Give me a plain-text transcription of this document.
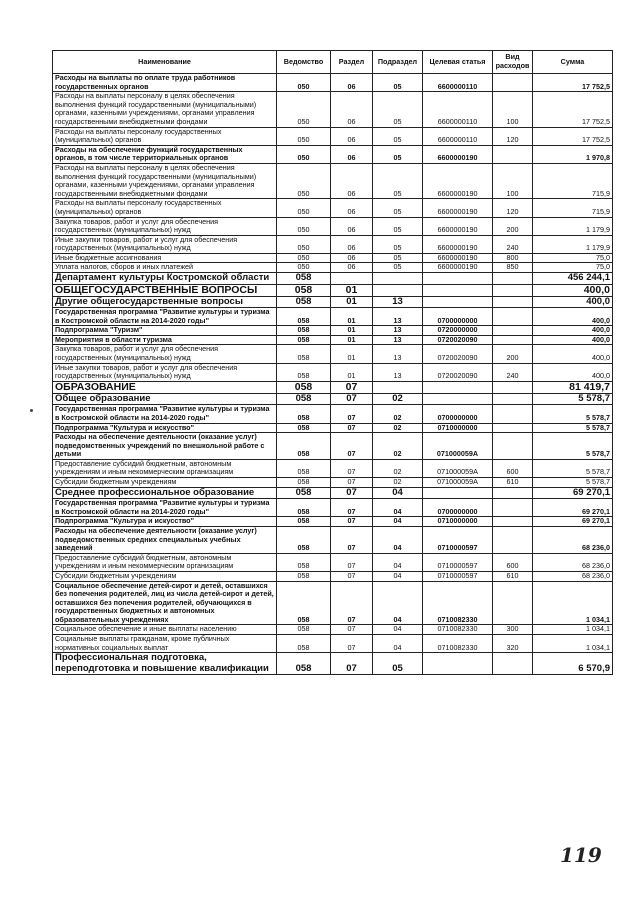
Наименование	Ведомство	Раздел	Подраздел	Целевая статья	Вид расходов	Сумма
Расходы на выплаты по оплате труда работников государственных органов	050	06	05	6600000110		17 752,5
Расходы на выплаты персоналу в целях обеспечения выполнения функций государственными (муниципальными) органами, казенными учреждениями, органами управления государственными внебюджетными фондами	050	06	05	6600000110	100	17 752,5
Расходы на выплаты персоналу государственных (муниципальных) органов	050	06	05	6600000110	120	17 752,5
Расходы на обеспечение функций государственных органов, в том числе территориальных органов	050	06	05	6600000190		1 970,8
Расходы на выплаты персоналу в целях обеспечения выполнения функций государственными (муниципальными) органами, казенными учреждениями, органами управления государственными внебюджетными фондами	050	06	05	6600000190	100	715,9
Расходы на выплаты персоналу государственных (муниципальных) органов	050	06	05	6600000190	120	715,9
Закупка товаров, работ и услуг для обеспечения государственных (муниципальных) нужд	050	06	05	6600000190	200	1 179,9
Иные закупки товаров, работ и услуг для обеспечения государственных (муниципальных) нужд	050	06	05	6600000190	240	1 179,9
Иные бюджетные ассигнования	050	06	05	6600000190	800	75,0
Уплата налогов, сборов и иных платежей	050	06	05	6600000190	850	75,0
Департамент культуры Костромской области	058					456 244,1
ОБЩЕГОСУДАРСТВЕННЫЕ ВОПРОСЫ	058	01				400,0
Другие общегосударственные вопросы	058	01	13			400,0
Государственная программа "Развитие культуры и туризма в Костромской области на 2014-2020 годы"	058	01	13	0700000000		400,0
Подпрограмма "Туризм"	058	01	13	0720000000		400,0
Мероприятия в области туризма	058	01	13	0720020090		400,0
Закупка товаров, работ и услуг для обеспечения государственных (муниципальных) нужд	058	01	13	0720020090	200	400,0
Иные закупки товаров, работ и услуг для обеспечения государственных (муниципальных) нужд	058	01	13	0720020090	240	400,0
ОБРАЗОВАНИЕ	058	07				81 419,7
Общее образование	058	07	02			5 578,7
Государственная программа "Развитие культуры и туризма в Костромской области на 2014-2020 годы"	058	07	02	0700000000		5 578,7
Подпрограмма "Культура и искусство"	058	07	02	0710000000		5 578,7
Расходы на обеспечение деятельности (оказание услуг) подведомственных учреждений по внешкольной работе с детьми	058	07	02	071000059А		5 578,7
Предоставление субсидий бюджетным, автономным учреждениям и иным некоммерческим организациям	058	07	02	071000059А	600	5 578,7
Субсидии бюджетным учреждениям	058	07	02	071000059А	610	5 578,7
Среднее профессиональное образование	058	07	04			69 270,1
Государственная программа "Развитие культуры и туризма в Костромской области на 2014-2020 годы"	058	07	04	0700000000		69 270,1
Подпрограмма "Культура и искусство"	058	07	04	0710000000		69 270,1
Расходы на обеспечение деятельности (оказание услуг) подведомственных средних специальных учебных заведений	058	07	04	0710000597		68 236,0
Предоставление субсидий бюджетным, автономным учреждениям и иным некоммерческим организациям	058	07	04	0710000597	600	68 236,0
Субсидии бюджетным учреждениям	058	07	04	0710000597	610	68 236,0
Социальное обеспечение детей-сирот и детей, оставшихся без попечения родителей, лиц из числа детей-сирот и детей, оставшихся без попечения родителей, обучающихся в государственных бюджетных и автономных образовательных учреждениях	058	07	04	0710082330		1 034,1
Социальное обеспечение и иные выплаты населению	058	07	04	0710082330	300	1 034,1
Социальные выплаты гражданам, кроме публичных нормативных социальных выплат	058	07	04	0710082330	320	1 034,1
Профессиональная подготовка, переподготовка и повышение квалификации	058	07	05			6 570,9
119
